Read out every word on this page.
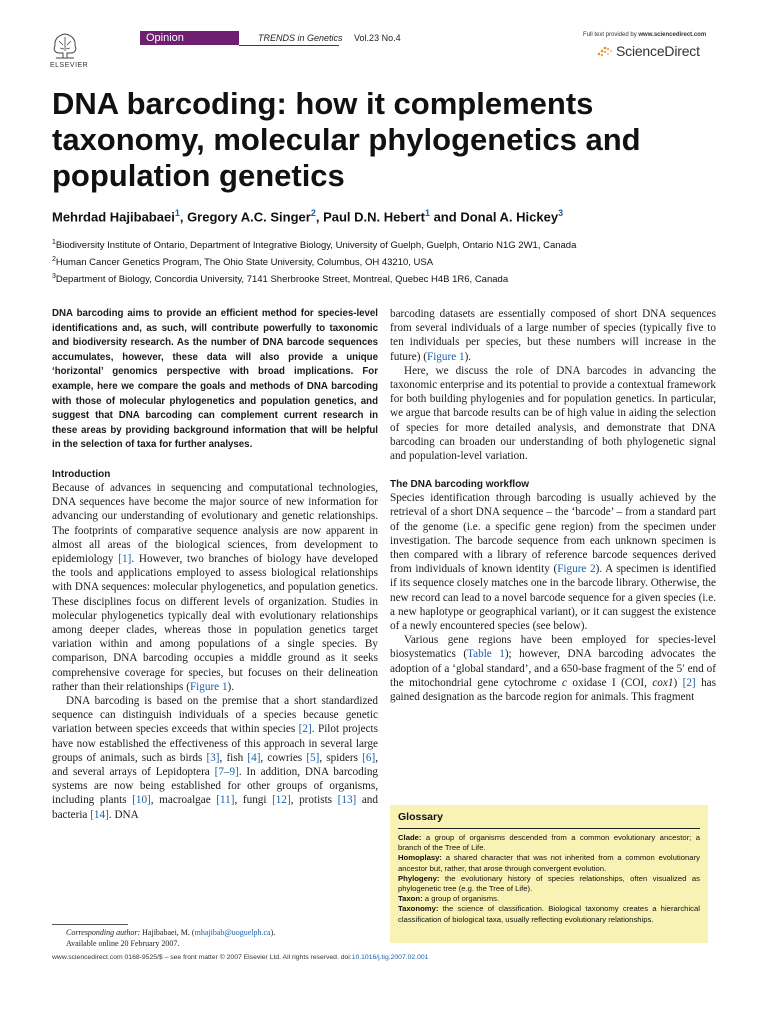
ELSEVIER
Opinion	TRENDS in Genetics Vol.23 No.4	Full text provided by www.sciencedirect.com
ScienceDirect
DNA barcoding: how it complements taxonomy, molecular phylogenetics and population genetics
Mehrdad Hajibabaei$^1$, Gregory A.C. Singer$^2$, Paul D.N. Hebert$^1$ and Donal A. Hickey$^3$
$^1$Biodiversity Institute of Ontario, Department of Integrative Biology, University of Guelph, Guelph, Ontario N1G 2W1, Canada
$^2$Human Cancer Genetics Program, The Ohio State University, Columbus, OH 43210, USA
$^3$Department of Biology, Concordia University, 7141 Sherbrooke Street, Montreal, Quebec H4B 1R6, Canada

DNA barcoding aims to provide an efficient method for species-level identifications and, as such, will contribute powerfully to taxonomic and biodiversity research. As the number of DNA barcode sequences accumulates, however, these data will also provide a unique ‘horizontal’ genomics perspective with broad implications. For example, here we compare the goals and methods of DNA barcoding with those of molecular phylogenetics and population genetics, and suggest that DNA barcoding can complement current research in these areas by providing background information that will be helpful in the selection of taxa for further analyses.

Introduction

Because of advances in sequencing and computational technologies, DNA sequences have become the major source of new information for advancing our understanding of evolutionary and genetic relationships. The footprints of comparative sequence analysis are now apparent in almost all areas of the biological sciences, from development to epidemiology [1]. However, two branches of biology have developed the tools and applications employed to assess biological relationships with DNA sequences: molecular phylogenetics, and population genetics. These disciplines focus on different levels of organization. Studies in molecular phylogenetics typically deal with evolutionary relationships among deeper clades, whereas those in population genetics target variation within and among populations of a single species. By comparison, DNA barcoding occupies a middle ground as it seeks comprehensive coverage for species, but focuses on their delineation rather than their relationships (Figure 1).

DNA barcoding is based on the premise that a short standardized sequence can distinguish individuals of a species because genetic variation between species exceeds that within species [2]. Pilot projects have now established the effectiveness of this approach in several large groups of animals, such as birds [3], fish [4], cowries [5], spiders [6], and several arrays of Lepidoptera [7–9]. In addition, DNA barcoding systems are now being established for other groups of organisms, including plants [10], macroalgae [11], fungi [12], protists [13] and bacteria [14]. DNA

Corresponding author: Hajibabaei, M. (mhajibab@uoguelph.ca).
Available online 20 February 2007.

barcoding datasets are essentially composed of short DNA sequences from several individuals of a large number of species (typically five to ten individuals per species, but these numbers will increase in the future) (Figure 1).

Here, we discuss the role of DNA barcodes in advancing the taxonomic enterprise and its potential to provide a contextual framework for both building phylogenies and for population genetics. In particular, we argue that barcode results can be of high value in aiding the selection of species for more detailed analysis, and demonstrate that DNA barcoding can broaden our understanding of both phylogenetic signal and population-level variation.

The DNA barcoding workflow

Species identification through barcoding is usually achieved by the retrieval of a short DNA sequence – the ‘barcode’ – from a standard part of the genome (i.e. a specific gene region) from the specimen under investigation. The barcode sequence from each unknown specimen is then compared with a library of reference barcode sequences derived from individuals of known identity (Figure 2). A specimen is identified if its sequence closely matches one in the barcode library. Otherwise, the new record can lead to a novel barcode sequence for a given species (i.e. a new haplotype or geographical variant), or it can suggest the existence of a newly encountered species (see below).

Various gene regions have been employed for species-level biosystematics (Table 1); however, DNA barcoding advocates the adoption of a ‘global standard’, and a 650-base fragment of the 5′ end of the mitochondrial gene cytochrome c oxidase I (COI, cox1) [2] has gained designation as the barcode region for animals. This fragment

Glossary

Clade: a group of organisms descended from a common evolutionary ancestor; a branch of the Tree of Life.

Homoplasy: a shared character that was not inherited from a common evolutionary ancestor but, rather, that arose through convergent evolution.

Phylogeny: the evolutionary history of species relationships, often visualized as phylogenetic tree (e.g. the Tree of Life).

Taxon: a group of organisms.

Taxonomy: the science of classification. Biological taxonomy creates a hierarchical classification of biological taxa, usually reflecting evolutionary relationships.

www.sciencedirect.com 0168-9525/$ – see front matter © 2007 Elsevier Ltd. All rights reserved. doi:10.1016/j.tig.2007.02.001
